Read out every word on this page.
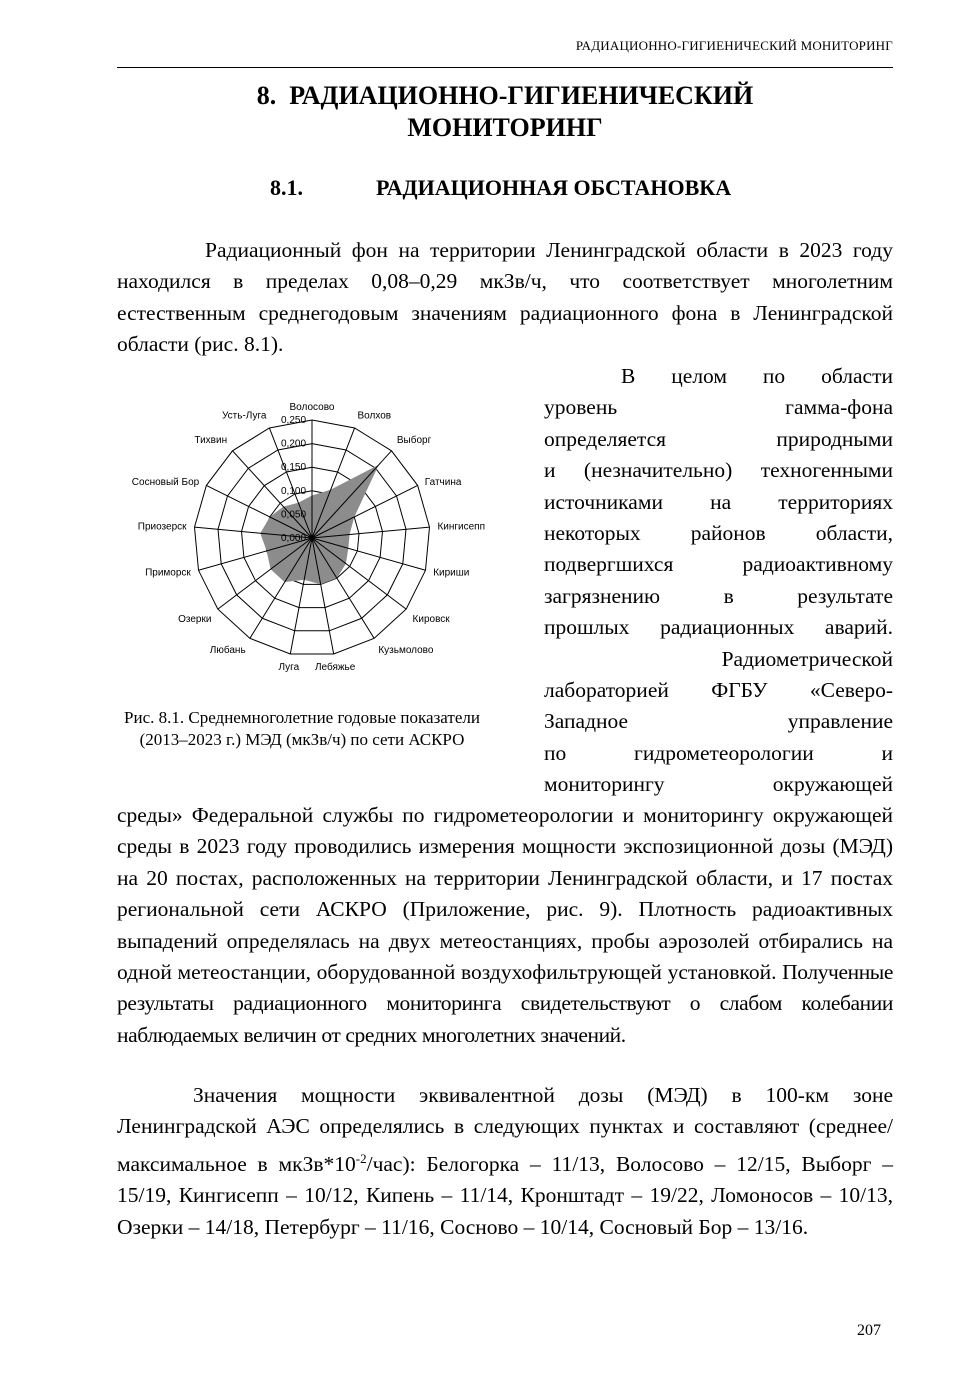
РАДИАЦИОННО-ГИГИЕНИЧЕСКИЙ МОНИТОРИНГ
8.  РАДИАЦИОННО-ГИГИЕНИЧЕСКИЙ
МОНИТОРИНГ
8.1.	РАДИАЦИОННАЯ ОБСТАНОВКА

Радиационный фон на территории Ленинградской области в 2023 году находился в пределах 0,08–0,29 мкЗв/ч, что соответствует многолетним естественным среднегодовым значениям радиационного фона в Ленинградской области (рис. 8.1).

В целом по области
уровень гамма-фона
определяется природными
и (незначительно) техногенными
источниками на территориях
некоторых районов области,
подвергшихся радиоактивному
загрязнению в результате
прошлых радиационных аварий.
Радиометрической
лабораторией ФГБУ «Северо-
Западное управление
по гидрометеорологии и
мониторингу окружающей
0,000
0,050
0,100
0,150
0,200
0,250
Волосово
Волхов
Выборг
Гатчина
Кингисепп
Кириши
Кировск
Кузьмолово
Лебяжье
Луга
Любань
Озерки
Приморск
Приозерск
Сосновый Бор
Тихвин
Усть-Луга
Рис. 8.1. Среднемноголетние годовые показатели (2013–2023 г.) МЭД (мкЗв/ч) по сети АСКРО

среды» Федеральной службы по гидрометеорологии и мониторингу окружающей среды в 2023 году проводились измерения мощности экспозиционной дозы (МЭД) на 20 постах, расположенных на территории Ленинградской области, и 17 постах региональной сети АСКРО (Приложение, рис. 9). Плотность радиоактивных выпадений определялась на двух метеостанциях, пробы аэрозолей отбирались на одной метеостанции, оборудованной воздухофильтрующей установкой. Полученные результаты радиационного мониторинга свидетельствуют о слабом колебании наблюдаемых величин от средних многолетних значений.

Значения мощности эквивалентной дозы (МЭД) в 100-км зоне Ленинградской АЭС определялись в следующих пунктах и составляют (среднее/максимальное в $мкЗв*10^{-2}/час$): Белогорка – 11/13, Волосово – 12/15, Выборг – 15/19, Кингисепп – 10/12, Кипень – 11/14, Кронштадт – 19/22, Ломоносов – 10/13, Озерки – 14/18, Петербург – 11/16, Сосново – 10/14, Сосновый Бор – 13/16.

207
